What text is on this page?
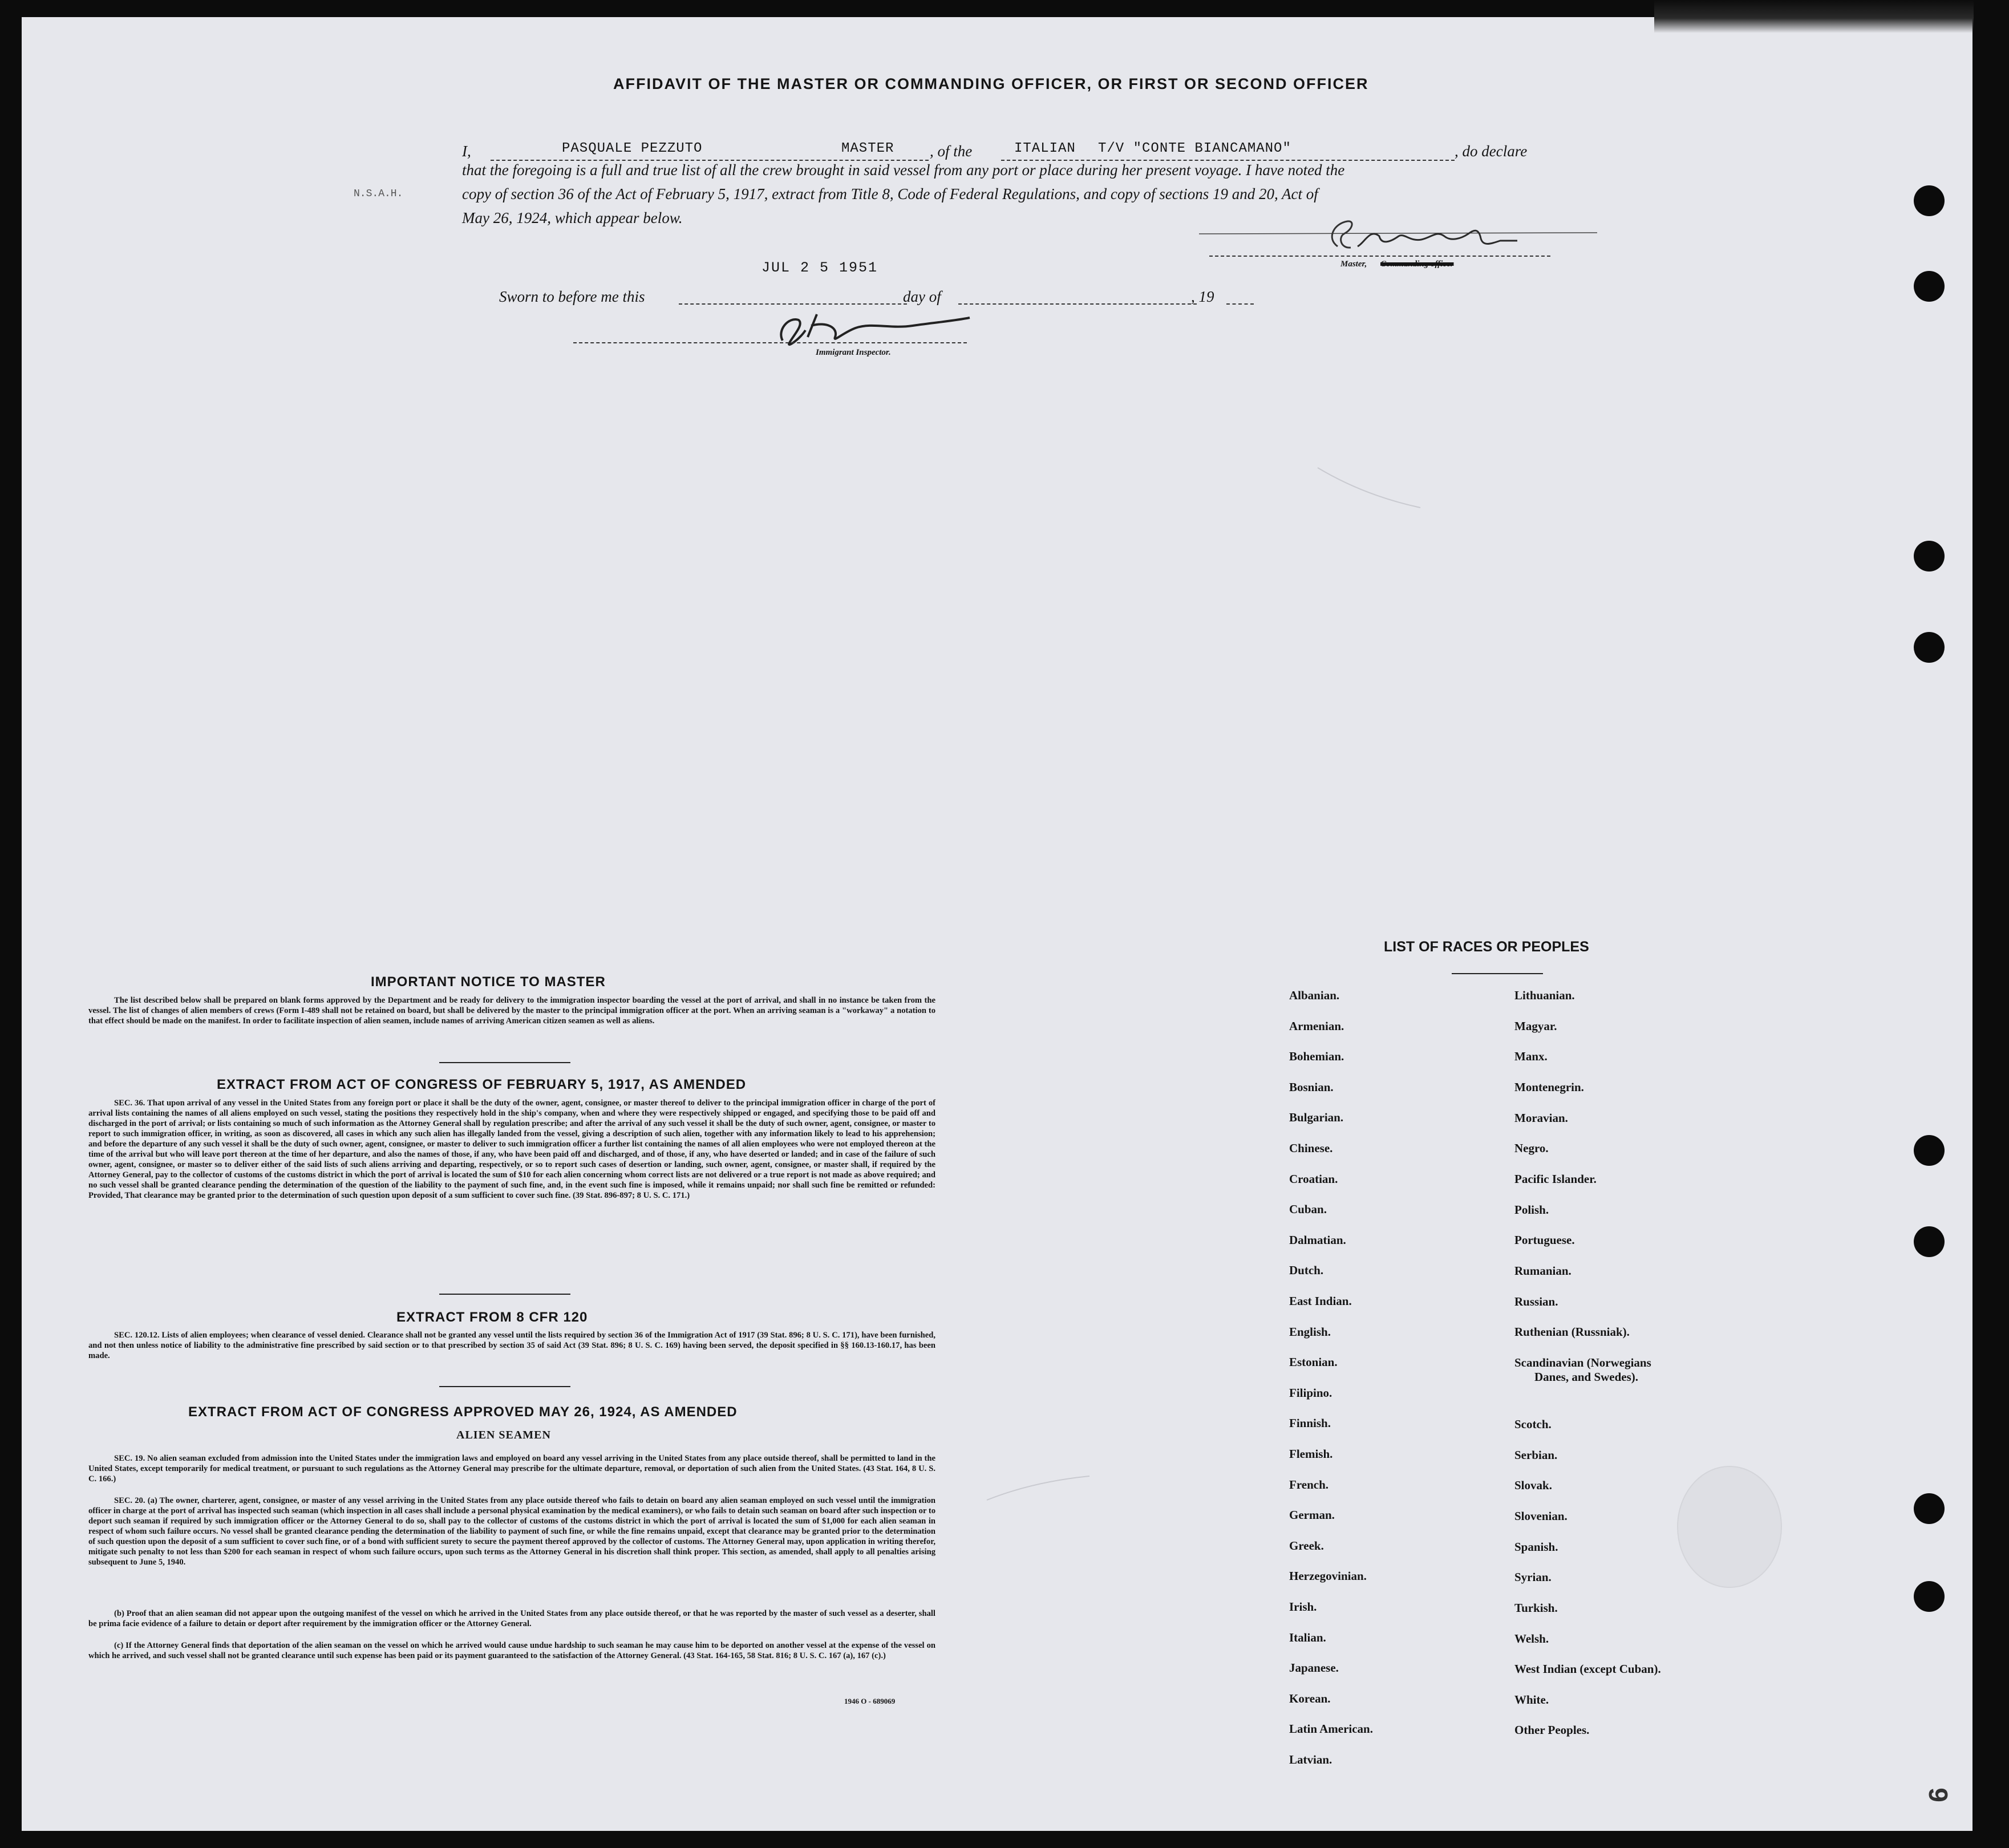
AFFIDAVIT OF THE MASTER OR COMMANDING OFFICER, OR FIRST OR SECOND OFFICER
I,	PASQUALE PEZZUTO	MASTER , of the	ITALIAN T/V "CONTE BIANCAMANO"	, do declare
that the foregoing is a full and true list of all the crew brought in said vessel from any port or place during her present voyage. I have noted the
copy of section 36 of the Act of February 5, 1917, extract from Title 8, Code of Federal Regulations, and copy of sections 19 and 20, Act of
May 26, 1924, which appear below.
N.S.A.H.
Master, Commanding officer
JUL 2 5 1951
Sworn to before me this	day of	, 19
Immigrant Inspector.
IMPORTANT NOTICE TO MASTER

The list described below shall be prepared on blank forms approved by the Department and be ready for delivery to the immigration inspector boarding the vessel at the port of arrival, and shall in no instance be taken from the vessel. The list of changes of alien members of crews (Form I-489 shall not be retained on board, but shall be delivered by the master to the principal immigration officer at the port. When an arriving seaman is a "workaway" a notation to that effect should be made on the manifest. In order to facilitate inspection of alien seamen, include names of arriving American citizen seamen as well as aliens.

EXTRACT FROM ACT OF CONGRESS OF FEBRUARY 5, 1917, AS AMENDED

SEC. 36. That upon arrival of any vessel in the United States from any foreign port or place it shall be the duty of the owner, agent, consignee, or master thereof to deliver to the principal immigration officer in charge of the port of arrival lists containing the names of all aliens employed on such vessel, stating the positions they respectively hold in the ship's company, when and where they were respectively shipped or engaged, and specifying those to be paid off and discharged in the port of arrival; or lists containing so much of such information as the Attorney General shall by regulation prescribe; and after the arrival of any such vessel it shall be the duty of such owner, agent, consignee, or master to report to such immigration officer, in writing, as soon as discovered, all cases in which any such alien has illegally landed from the vessel, giving a description of such alien, together with any information likely to lead to his apprehension; and before the departure of any such vessel it shall be the duty of such owner, agent, consignee, or master to deliver to such immigration officer a further list containing the names of all alien employees who were not employed thereon at the time of the arrival but who will leave port thereon at the time of her departure, and also the names of those, if any, who have been paid off and discharged, and of those, if any, who have deserted or landed; and in case of the failure of such owner, agent, consignee, or master so to deliver either of the said lists of such aliens arriving and departing, respectively, or so to report such cases of desertion or landing, such owner, agent, consignee, or master shall, if required by the Attorney General, pay to the collector of customs of the customs district in which the port of arrival is located the sum of $10 for each alien concerning whom correct lists are not delivered or a true report is not made as above required; and no such vessel shall be granted clearance pending the determination of the question of the liability to the payment of such fine, and, in the event such fine is imposed, while it remains unpaid; nor shall such fine be remitted or refunded: Provided, That clearance may be granted prior to the determination of such question upon deposit of a sum sufficient to cover such fine. (39 Stat. 896-897; 8 U. S. C. 171.)

EXTRACT FROM 8 CFR 120

SEC. 120.12. Lists of alien employees; when clearance of vessel denied. Clearance shall not be granted any vessel until the lists required by section 36 of the Immigration Act of 1917 (39 Stat. 896; 8 U. S. C. 171), have been furnished, and not then unless notice of liability to the administrative fine prescribed by said section or to that prescribed by section 35 of said Act (39 Stat. 896; 8 U. S. C. 169) having been served, the deposit specified in §§ 160.13-160.17, has been made.

EXTRACT FROM ACT OF CONGRESS APPROVED MAY 26, 1924, AS AMENDED
ALIEN SEAMEN

SEC. 19. No alien seaman excluded from admission into the United States under the immigration laws and employed on board any vessel arriving in the United States from any place outside thereof, shall be permitted to land in the United States, except temporarily for medical treatment, or pursuant to such regulations as the Attorney General may prescribe for the ultimate departure, removal, or deportation of such alien from the United States. (43 Stat. 164, 8 U. S. C. 166.)

SEC. 20. (a) The owner, charterer, agent, consignee, or master of any vessel arriving in the United States from any place outside thereof who fails to detain on board any alien seaman employed on such vessel until the immigration officer in charge at the port of arrival has inspected such seaman (which inspection in all cases shall include a personal physical examination by the medical examiners), or who fails to detain such seaman on board after such inspection or to deport such seaman if required by such immigration officer or the Attorney General to do so, shall pay to the collector of customs of the customs district in which the port of arrival is located the sum of $1,000 for each alien seaman in respect of whom such failure occurs. No vessel shall be granted clearance pending the determination of the liability to payment of such fine, or while the fine remains unpaid, except that clearance may be granted prior to the determination of such question upon the deposit of a sum sufficient to cover such fine, or of a bond with sufficient surety to secure the payment thereof approved by the collector of customs. The Attorney General may, upon application in writing therefor, mitigate such penalty to not less than $200 for each seaman in respect of whom such failure occurs, upon such terms as the Attorney General in his discretion shall think proper. This section, as amended, shall apply to all penalties arising subsequent to June 5, 1940.

(b) Proof that an alien seaman did not appear upon the outgoing manifest of the vessel on which he arrived in the United States from any place outside thereof, or that he was reported by the master of such vessel as a deserter, shall be prima facie evidence of a failure to detain or deport after requirement by the immigration officer or the Attorney General.

(c) If the Attorney General finds that deportation of the alien seaman on the vessel on which he arrived would cause undue hardship to such seaman he may cause him to be deported on another vessel at the expense of the vessel on which he arrived, and such vessel shall not be granted clearance until such expense has been paid or its payment guaranteed to the satisfaction of the Attorney General. (43 Stat. 164-165, 58 Stat. 816; 8 U. S. C. 167 (a), 167 (c).)

1946 O - 689069
LIST OF RACES OR PEOPLES
Albanian.
Armenian.
Bohemian.
Bosnian.
Bulgarian.
Chinese.
Croatian.
Cuban.
Dalmatian.
Dutch.
East Indian.
English.
Estonian.
Filipino.
Finnish.
Flemish.
French.
German.
Greek.
Herzegovinian.
Irish.
Italian.
Japanese.
Korean.
Latin American.
Latvian.
Lithuanian.
Magyar.
Manx.
Montenegrin.
Moravian.
Negro.
Pacific Islander.
Polish.
Portuguese.
Rumanian.
Russian.
Ruthenian (Russniak).
Scandinavian (Norwegians
Danes, and Swedes).
Scotch.
Serbian.
Slovak.
Slovenian.
Spanish.
Syrian.
Turkish.
Welsh.
West Indian (except Cuban).
White.
Other Peoples.
9
